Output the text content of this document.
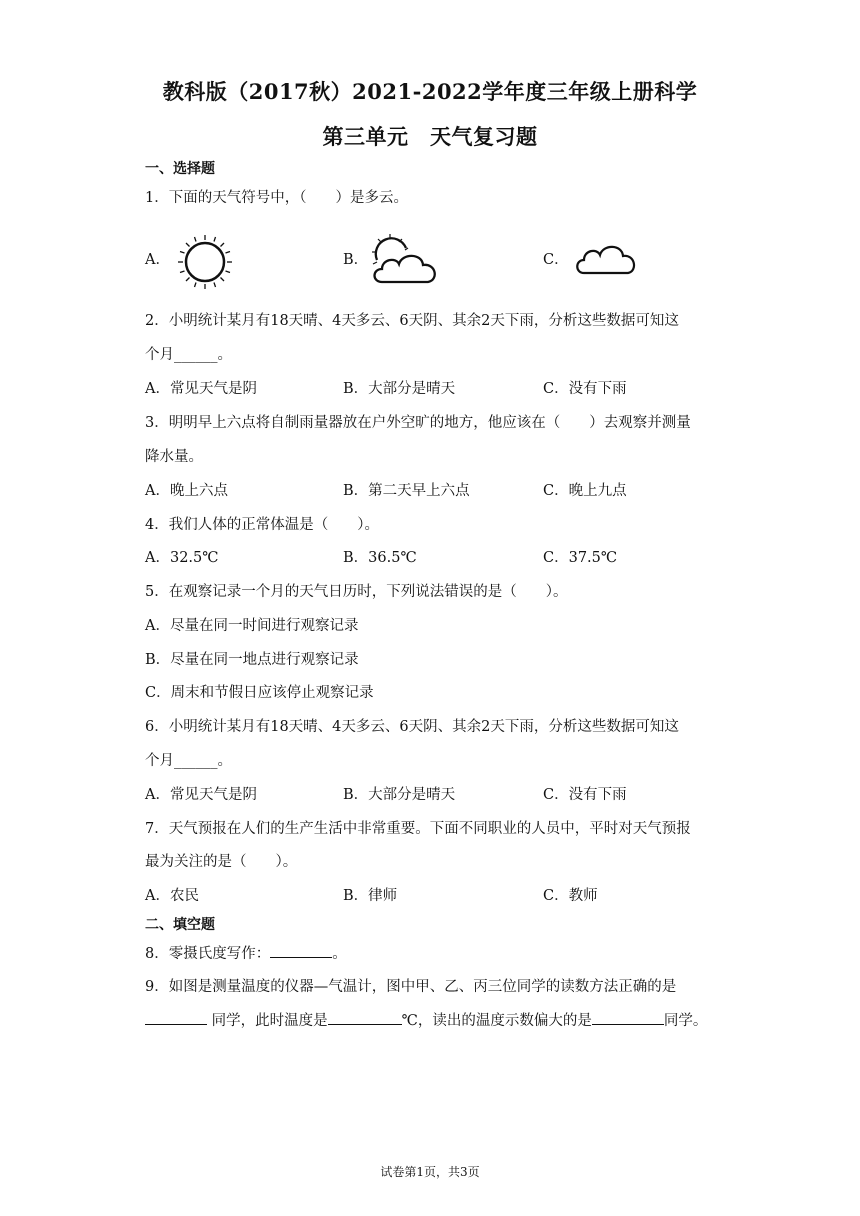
教科版（2017秋）2021-2022学年度三年级上册科学
第三单元　天气复习题
一、选择题
1．下面的天气符号中，（　　）是多云。
A．	B．	C．
2．小明统计某月有18天晴、4天多云、6天阴、其余2天下雨，分析这些数据可知这
个月______。
A．常见天气是阴	B．大部分是晴天	C．没有下雨
3．明明早上六点将自制雨量器放在户外空旷的地方，他应该在（　　）去观察并测量
降水量。
A．晚上六点	B．第二天早上六点	C．晚上九点
4．我们人体的正常体温是（　　）。
A．32.5℃	B．36.5℃	C．37.5℃
5．在观察记录一个月的天气日历时，下列说法错误的是（　　）。
A．尽量在同一时间进行观察记录
B．尽量在同一地点进行观察记录
C．周末和节假日应该停止观察记录
6．小明统计某月有18天晴、4天多云、6天阴、其余2天下雨，分析这些数据可知这
个月______。
A．常见天气是阴	B．大部分是晴天	C．没有下雨
7．天气预报在人们的生产生活中非常重要。下面不同职业的人员中，平时对天气预报
最为关注的是（　　）。
A．农民	B．律师	C．教师
二、填空题
8．零摄氏度写作：	。
9．如图是测量温度的仪器—气温计，图中甲、乙、丙三位同学的读数方法正确的是
同学，此时温度是	℃，读出的温度示数偏大的是	同学。
试卷第1页，共3页
